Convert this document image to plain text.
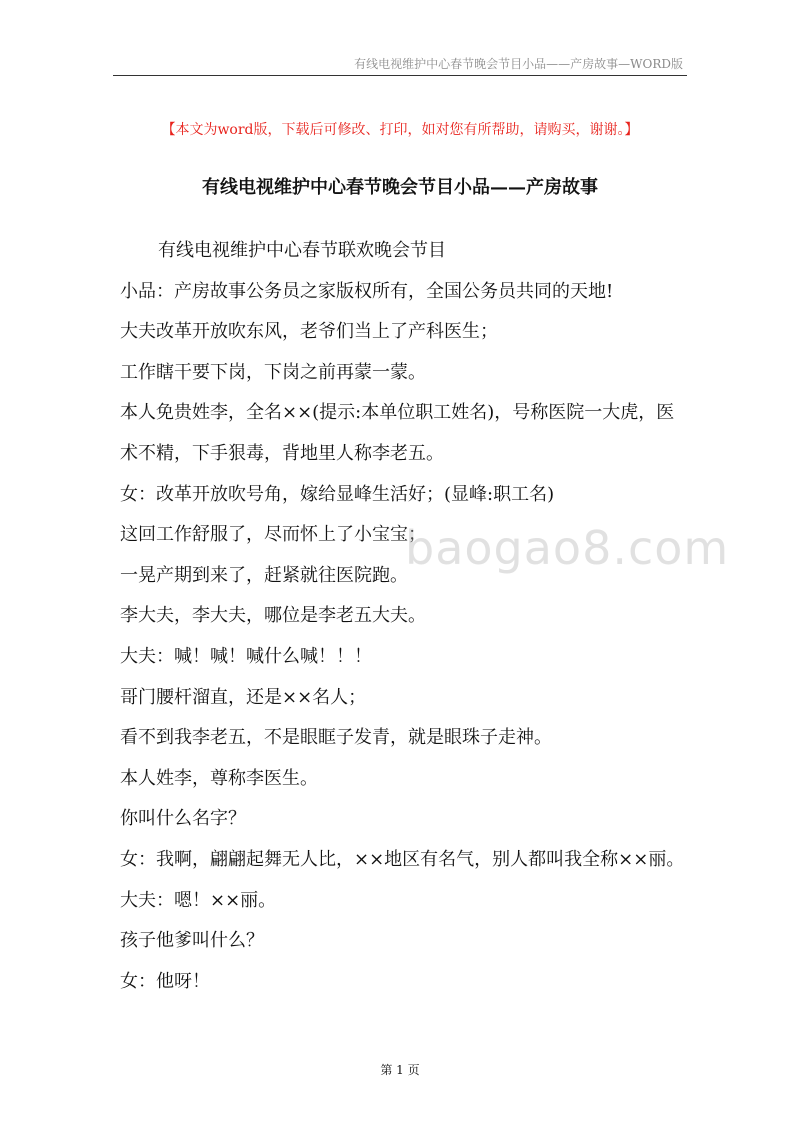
有线电视维护中心春节晚会节目小品——产房故事—WORD版
【本文为word版，下载后可修改、打印，如对您有所帮助，请购买，谢谢。】
有线电视维护中心春节晚会节目小品——产房故事

有线电视维护中心春节联欢晚会节目

小品：产房故事公务员之家版权所有，全国公务员共同的天地!

大夫改革开放吹东风，老爷们当上了产科医生；

工作瞎干要下岗，下岗之前再蒙一蒙。

本人免贵姓李，全名××(提示:本单位职工姓名)，号称医院一大虎，医术不精，下手狠毒，背地里人称李老五。

女：改革开放吹号角，嫁给显峰生活好；(显峰:职工名)

这回工作舒服了，尽而怀上了小宝宝；

一晃产期到来了，赶紧就往医院跑。

李大夫，李大夫，哪位是李老五大夫。

大夫：喊！喊！喊什么喊！！！

哥门腰杆溜直，还是××名人；

看不到我李老五，不是眼眶子发青，就是眼珠子走神。

本人姓李，尊称李医生。

你叫什么名字？

女：我啊，翩翩起舞无人比，××地区有名气，别人都叫我全称××丽。

大夫：嗯！××丽。

孩子他爹叫什么？

女：他呀！

baogao8.com
第 1 页
